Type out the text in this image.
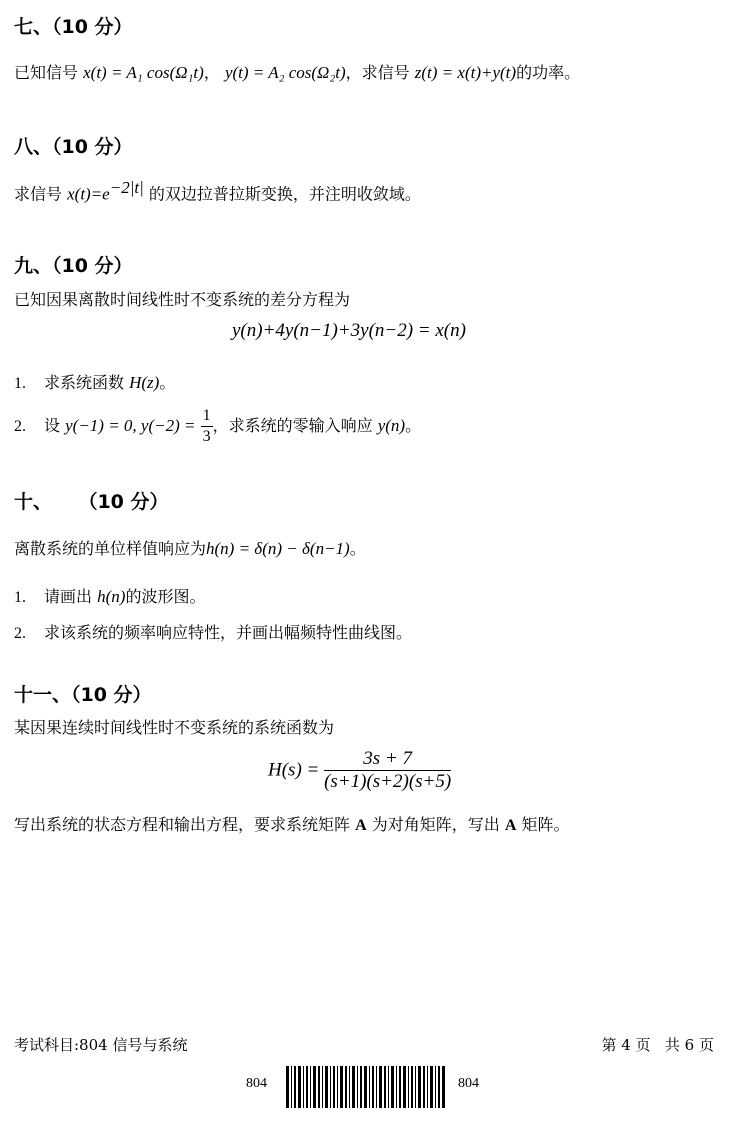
七、（10 分）
已知信号 x(t) = A₁ cos(Ω₁t)， y(t) = A₂ cos(Ω₂t)，求信号 z(t) = x(t)+y(t)的功率。
八、（10 分）
求信号 $x(t)=e^{-2|t|}$ 的双边拉普拉斯变换，并注明收敛域。
九、（10 分）
已知因果离散时间线性时不变系统的差分方程为
y(n)+4y(n−1)+3y(n−2) = x(n)
1. 求系统函数 H(z)。
2. 设 y(−1) = 0, $y(-2) = \frac{1}{3}$ ，求系统的零输入响应 y(n)。
十、    （10 分）
离散系统的单位样值响应为h(n) = δ(n) − δ(n−1)。
1. 请画出 h(n)的波形图。
2. 求该系统的频率响应特性，并画出幅频特性曲线图。
十一、（10 分）
某因果连续时间线性时不变系统的系统函数为
$H(s) = \frac{3s + 7}{(s+1)(s+2)(s+5)}$
写出系统的状态方程和输出方程，要求系统矩阵 A 为对角矩阵，写出 A 矩阵。
考试科目:804 信号与系统	第 4 页   共 6 页
804	804
